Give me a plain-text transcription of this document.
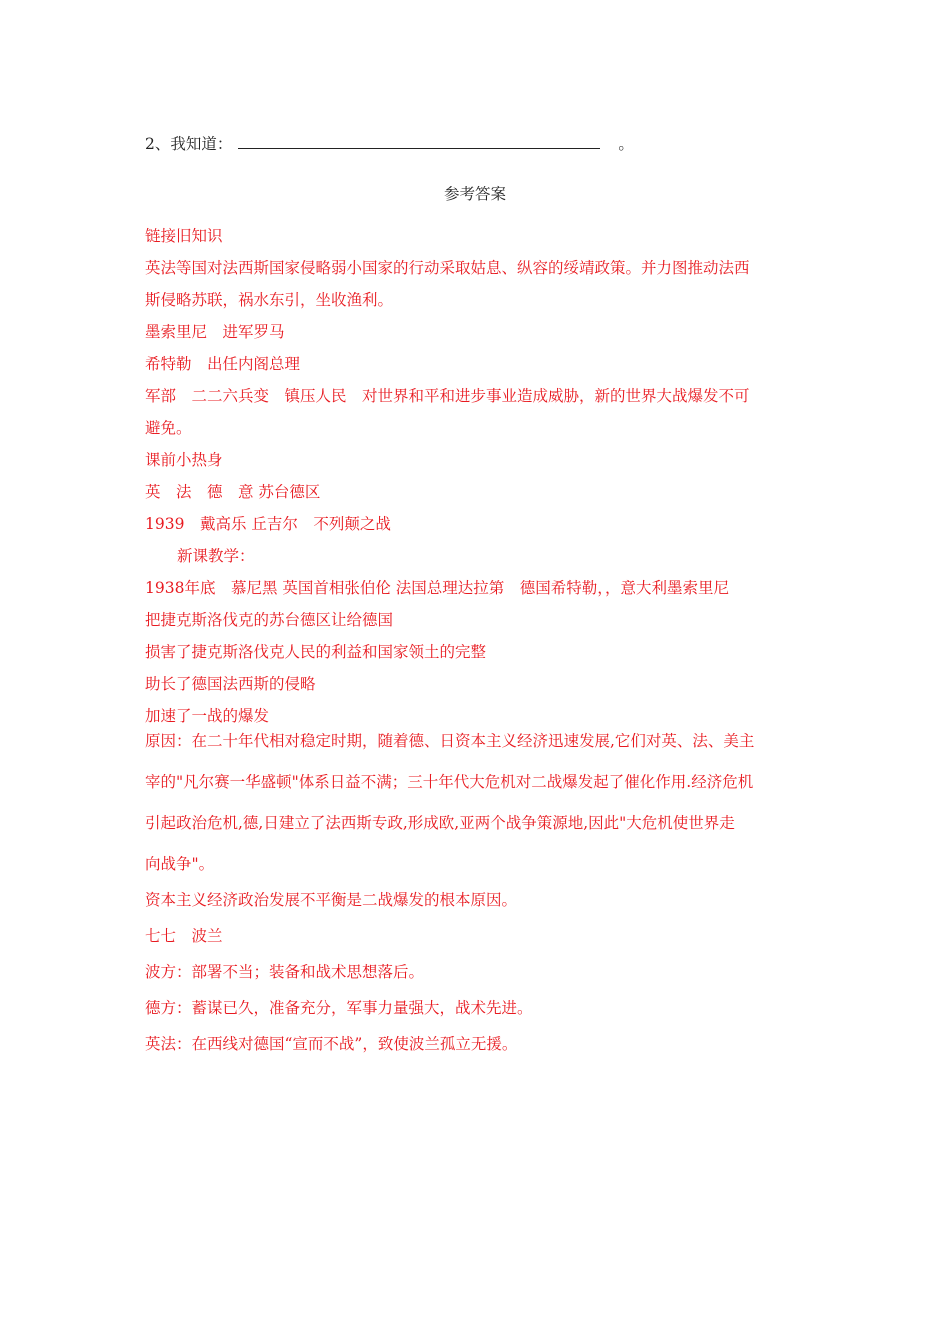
2、我知道：	。
参考答案
链接旧知识
英法等国对法西斯国家侵略弱小国家的行动采取姑息、纵容的绥靖政策。并力图推动法西
斯侵略苏联，祸水东引，坐收渔利。
墨索里尼　进军罗马
希特勒　出任内阁总理
军部　二二六兵变　镇压人民　对世界和平和进步事业造成威胁，新的世界大战爆发不可
避免。
课前小热身
英　法　德　意 苏台德区
1939　戴高乐 丘吉尔　不列颠之战
新课教学：
1938年底　慕尼黑 英国首相张伯伦 法国总理达拉第　德国希特勒，，意大利墨索里尼
把捷克斯洛伐克的苏台德区让给德国
损害了捷克斯洛伐克人民的利益和国家领土的完整
助长了德国法西斯的侵略
加速了一战的爆发
原因：在二十年代相对稳定时期，随着德、日资本主义经济迅速发展,它们对英、法、美主
宰的"凡尔赛一华盛顿"体系日益不满；三十年代大危机对二战爆发起了催化作用.经济危机
引起政治危机,德,日建立了法西斯专政,形成欧,亚两个战争策源地,因此"大危机使世界走
向战争"。
资本主义经济政治发展不平衡是二战爆发的根本原因。
七七　波兰
波方：部署不当；装备和战术思想落后。
德方：蓄谋已久，准备充分，军事力量强大，战术先进。
英法：在西线对德国“宣而不战”，致使波兰孤立无援。
